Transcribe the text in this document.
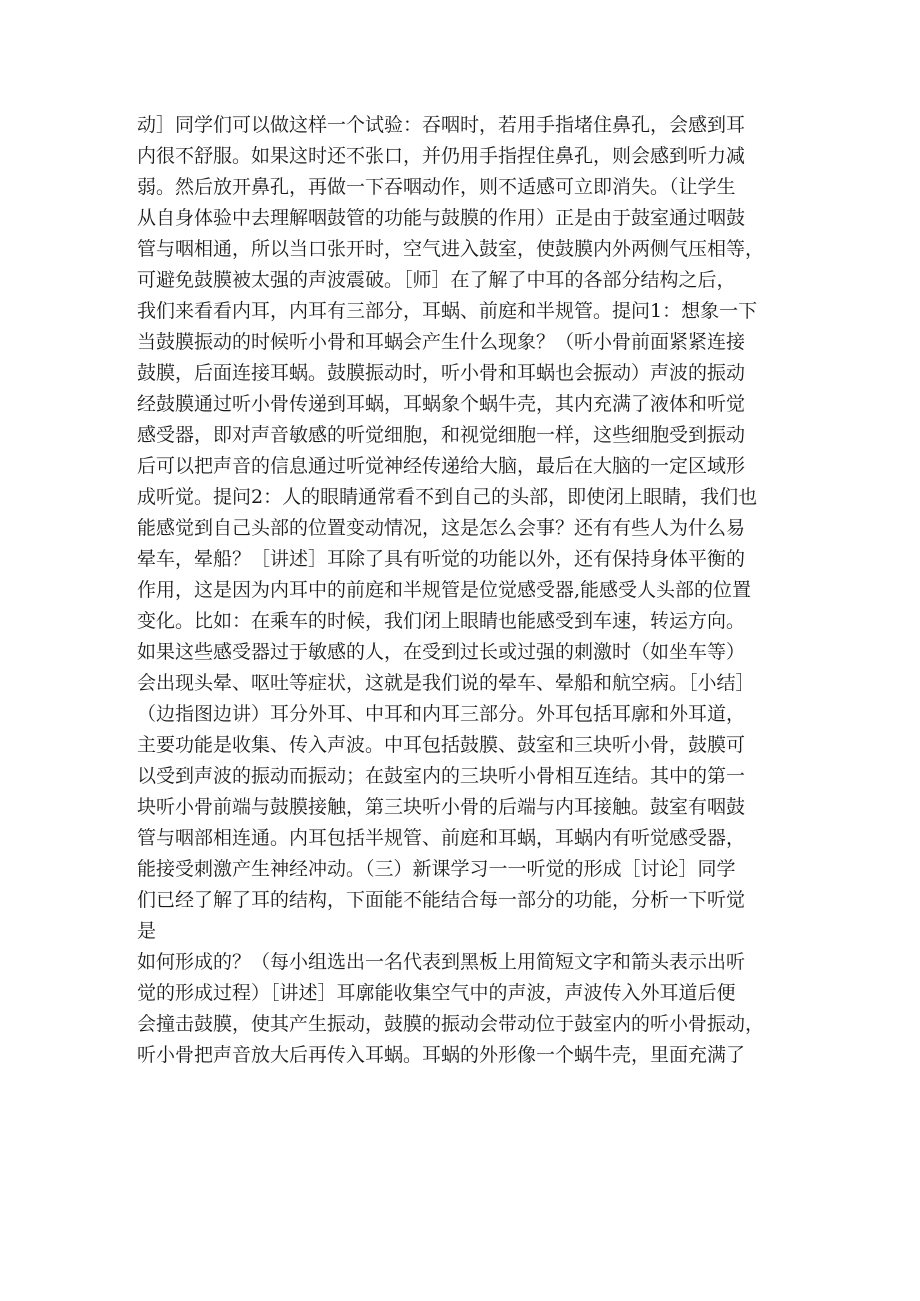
动］同学们可以做这样一个试验：吞咽时，若用手指堵住鼻孔，会感到耳
内很不舒服。如果这时还不张口，并仍用手指捏住鼻孔，则会感到听力减
弱。然后放开鼻孔，再做一下吞咽动作，则不适感可立即消失。（让学生
从自身体验中去理解咽鼓管的功能与鼓膜的作用）正是由于鼓室通过咽鼓
管与咽相通，所以当口张开时，空气进入鼓室，使鼓膜内外两侧气压相等，
可避免鼓膜被太强的声波震破。［师］在了解了中耳的各部分结构之后，
我们来看看内耳，内耳有三部分，耳蜗、前庭和半规管。提问1：想象一下
当鼓膜振动的时候听小骨和耳蜗会产生什么现象？（听小骨前面紧紧连接
鼓膜，后面连接耳蜗。鼓膜振动时，听小骨和耳蜗也会振动）声波的振动
经鼓膜通过听小骨传递到耳蜗，耳蜗象个蜗牛壳，其内充满了液体和听觉
感受器，即对声音敏感的听觉细胞，和视觉细胞一样，这些细胞受到振动
后可以把声音的信息通过听觉神经传递给大脑，最后在大脑的一定区域形
成听觉。提问2：人的眼睛通常看不到自己的头部，即使闭上眼睛，我们也
能感觉到自己头部的位置变动情况，这是怎么会事？还有有些人为什么易
晕车，晕船？［讲述］耳除了具有听觉的功能以外，还有保持身体平衡的
作用，这是因为内耳中的前庭和半规管是位觉感受器,能感受人头部的位置
变化。比如：在乘车的时候，我们闭上眼睛也能感受到车速，转运方向。
如果这些感受器过于敏感的人，在受到过长或过强的刺激时（如坐车等）
会出现头晕、呕吐等症状，这就是我们说的晕车、晕船和航空病。［小结］
（边指图边讲）耳分外耳、中耳和内耳三部分。外耳包括耳廓和外耳道，
主要功能是收集、传入声波。中耳包括鼓膜、鼓室和三块听小骨，鼓膜可
以受到声波的振动而振动；在鼓室内的三块听小骨相互连结。其中的第一
块听小骨前端与鼓膜接触，第三块听小骨的后端与内耳接触。鼓室有咽鼓
管与咽部相连通。内耳包括半规管、前庭和耳蜗，耳蜗内有听觉感受器，
能接受刺激产生神经冲动。（三）新课学习一一听觉的形成［讨论］同学
们已经了解了耳的结构，下面能不能结合每一部分的功能，分析一下听觉
是
如何形成的？（每小组选出一名代表到黑板上用简短文字和箭头表示出听
觉的形成过程）［讲述］耳廓能收集空气中的声波，声波传入外耳道后便
会撞击鼓膜，使其产生振动，鼓膜的振动会带动位于鼓室内的听小骨振动，
听小骨把声音放大后再传入耳蜗。耳蜗的外形像一个蜗牛壳，里面充满了
